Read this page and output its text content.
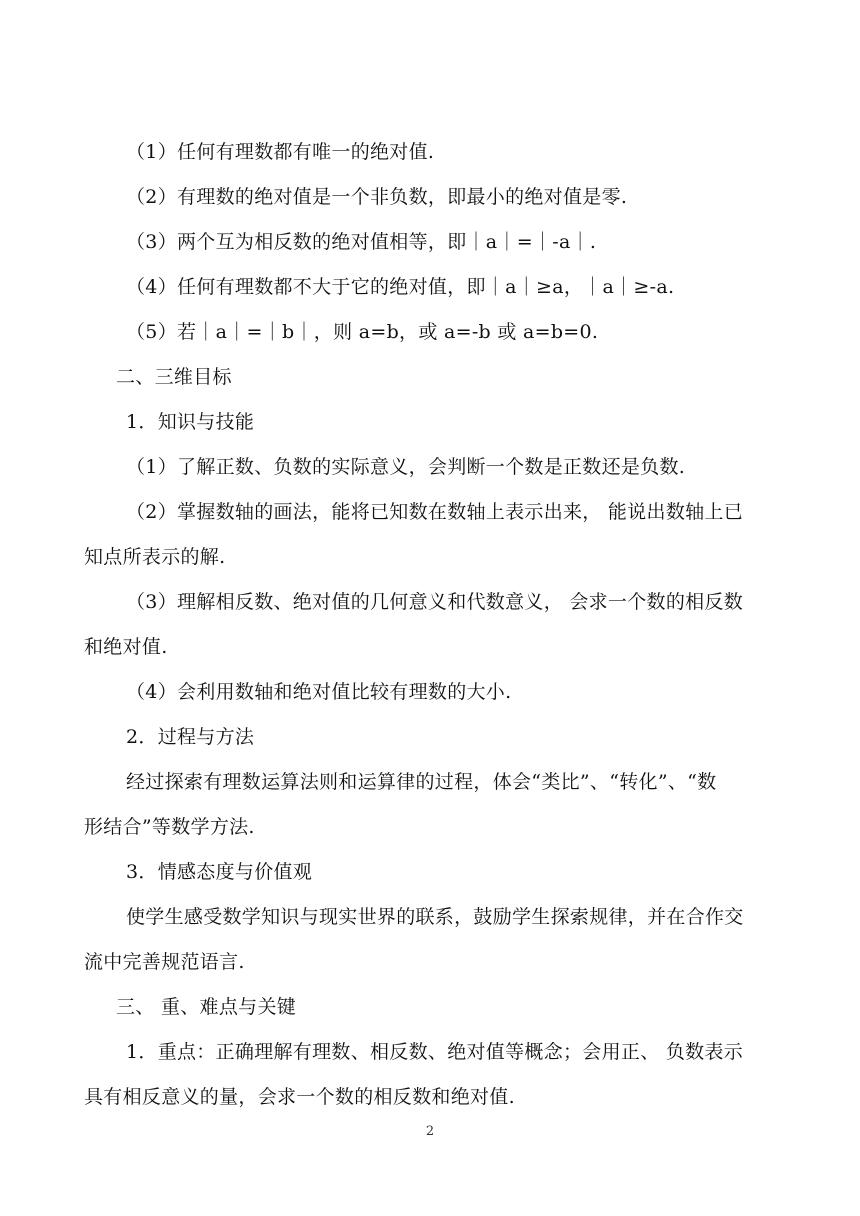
（1）任何有理数都有唯一的绝对值.
（2）有理数的绝对值是一个非负数，即最小的绝对值是零.
（3）两个互为相反数的绝对值相等，即｜a｜=｜-a｜.
（4）任何有理数都不大于它的绝对值，即｜a｜≥a，｜a｜≥-a.
（5）若｜a｜=｜b｜，则 a=b，或 a=-b 或 a=b=0.
二、三维目标
1．知识与技能
（1）了解正数、负数的实际意义，会判断一个数是正数还是负数.
（2）掌握数轴的画法，能将已知数在数轴上表示出来， 能说出数轴上已
知点所表示的解.
（3）理解相反数、绝对值的几何意义和代数意义， 会求一个数的相反数
和绝对值.
（4）会利用数轴和绝对值比较有理数的大小.
2．过程与方法
经过探索有理数运算法则和运算律的过程，体会“类比”、“转化”、“数
形结合”等数学方法.
3．情感态度与价值观
使学生感受数学知识与现实世界的联系，鼓励学生探索规律，并在合作交
流中完善规范语言.
三、 重、难点与关键
1．重点：正确理解有理数、相反数、绝对值等概念；会用正、 负数表示
具有相反意义的量，会求一个数的相反数和绝对值.
2
